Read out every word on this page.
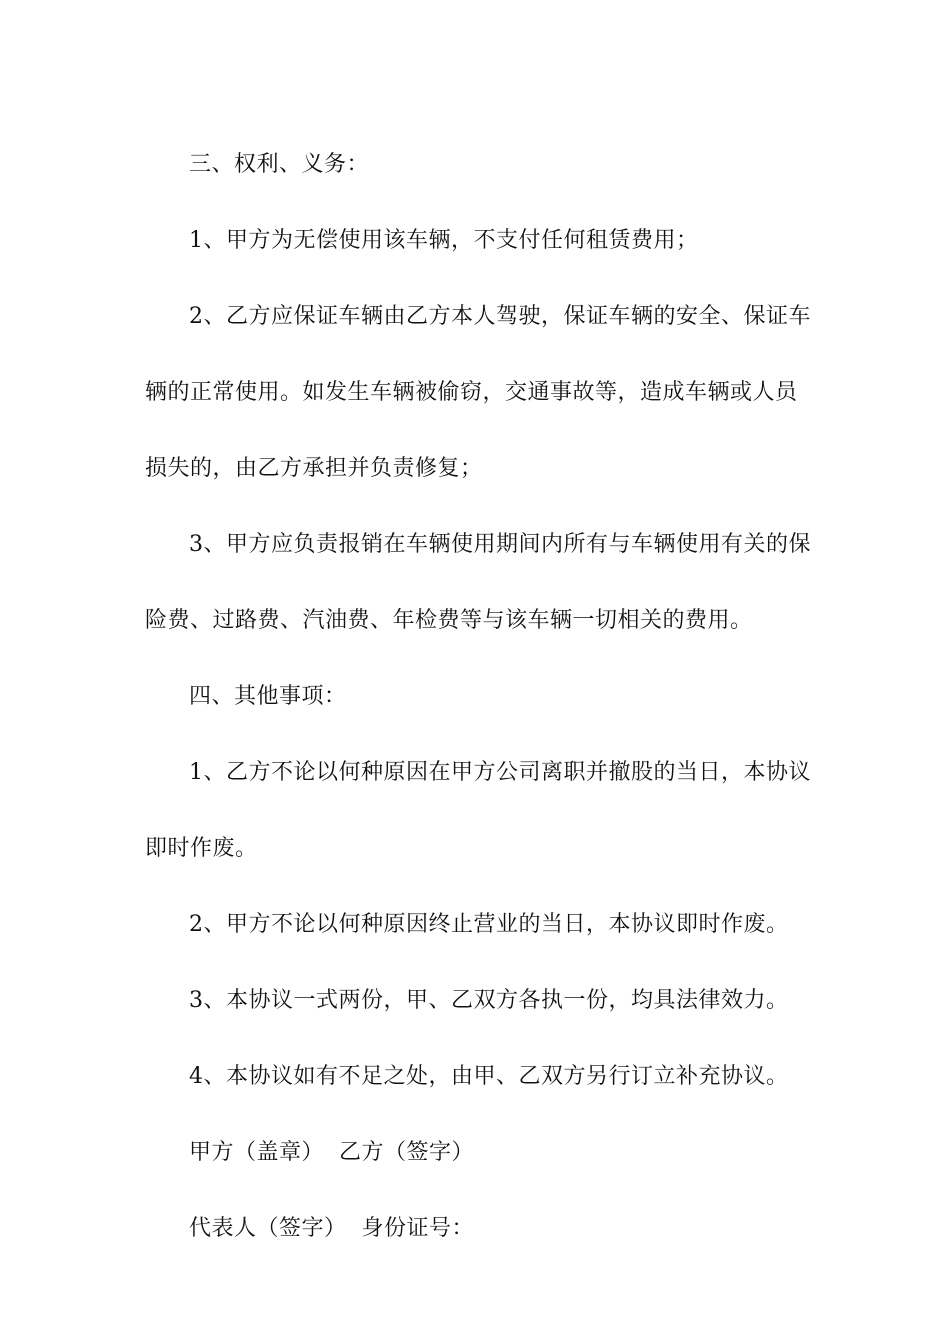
三、权利、义务：
1、甲方为无偿使用该车辆，不支付任何租赁费用；
2、乙方应保证车辆由乙方本人驾驶，保证车辆的安全、保证车
辆的正常使用。如发生车辆被偷窃，交通事故等，造成车辆或人员
损失的，由乙方承担并负责修复；
3、甲方应负责报销在车辆使用期间内所有与车辆使用有关的保
险费、过路费、汽油费、年检费等与该车辆一切相关的费用。
四、其他事项：
1、乙方不论以何种原因在甲方公司离职并撤股的当日，本协议
即时作废。
2、甲方不论以何种原因终止营业的当日，本协议即时作废。
3、本协议一式两份，甲、乙双方各执一份，均具法律效力。
4、本协议如有不足之处，由甲、乙双方另行订立补充协议。
甲方（盖章）  乙方（签字）
代表人（签字）  身份证号：
